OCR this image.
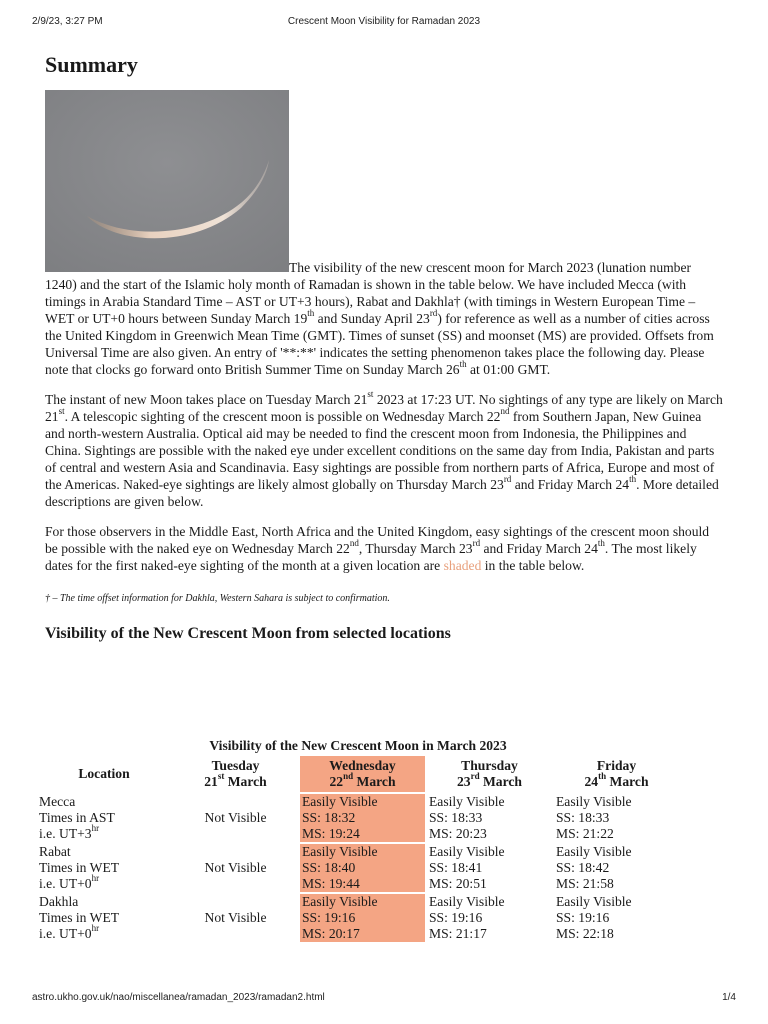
2/9/23, 3:27 PM	Crescent Moon Visibility for Ramadan 2023
Summary

The visibility of the new crescent moon for March 2023 (lunation number 1240) and the start of the Islamic holy month of Ramadan is shown in the table below. We have included Mecca (with timings in Arabia Standard Time – AST or UT+3 hours), Rabat and Dakhla† (with timings in Western European Time – WET or UT+0 hours between Sunday March 19th and Sunday April 23rd) for reference as well as a number of cities across the United Kingdom in Greenwich Mean Time (GMT). Times of sunset (SS) and moonset (MS) are provided. Offsets from Universal Time are also given. An entry of '**:**' indicates the setting phenomenon takes place the following day. Please note that clocks go forward onto British Summer Time on Sunday March 26th at 01:00 GMT.

The instant of new Moon takes place on Tuesday March 21st 2023 at 17:23 UT. No sightings of any type are likely on March 21st. A telescopic sighting of the crescent moon is possible on Wednesday March 22nd from Southern Japan, New Guinea and north-western Australia. Optical aid may be needed to find the crescent moon from Indonesia, the Philippines and China. Sightings are possible with the naked eye under excellent conditions on the same day from India, Pakistan and parts of central and western Asia and Scandinavia. Easy sightings are possible from northern parts of Africa, Europe and most of the Americas. Naked-eye sightings are likely almost globally on Thursday March 23rd and Friday March 24th. More detailed descriptions are given below.

For those observers in the Middle East, North Africa and the United Kingdom, easy sightings of the crescent moon should be possible with the naked eye on Wednesday March 22nd, Thursday March 23rd and Friday March 24th. The most likely dates for the first naked-eye sighting of the month at a given location are shaded in the table below.

† – The time offset information for Dakhla, Western Sahara is subject to confirmation.

Visibility of the New Crescent Moon from selected locations
Visibility of the New Crescent Moon in March 2023
Location	Tuesday
21st March	Wednesday
22nd March	Thursday
23rd March	Friday
24th March
Mecca
Times in AST
i.e. $UT+3^{hr}$	Not Visible	Easily Visible
SS: 18:32
MS: 19:24	Easily Visible
SS: 18:33
MS: 20:23	Easily Visible
SS: 18:33
MS: 21:22
Rabat
Times in WET
i.e. $UT+0^{hr}$	Not Visible	Easily Visible
SS: 18:40
MS: 19:44	Easily Visible
SS: 18:41
MS: 20:51	Easily Visible
SS: 18:42
MS: 21:58
Dakhla
Times in WET
i.e. $UT+0^{hr}$	Not Visible	Easily Visible
SS: 19:16
MS: 20:17	Easily Visible
SS: 19:16
MS: 21:17	Easily Visible
SS: 19:16
MS: 22:18
astro.ukho.gov.uk/nao/miscellanea/ramadan_2023/ramadan2.html	1/4
